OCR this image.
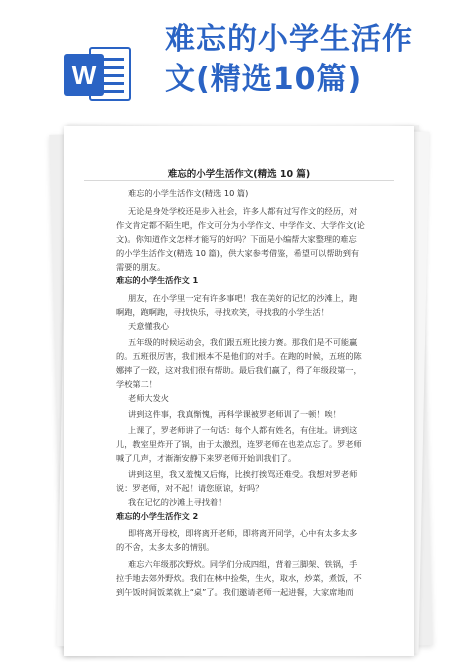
W
难忘的小学生活作
文(精选10篇)
难忘的小学生活作文(精选 10 篇)
难忘的小学生活作文(精选 10 篇)
无论是身处学校还是步入社会，许多人都有过写作文的经历，对
作文肯定都不陌生吧，作文可分为小学作文、中学作文、大学作文(论
文)。你知道作文怎样才能写的好吗？下面是小编帮大家整理的难忘
的小学生活作文(精选 10 篇)，供大家参考借鉴，希望可以帮助到有
需要的朋友。
难忘的小学生活作文 1
朋友，在小学里一定有许多事吧！我在美好的记忆的沙滩上，跑
啊跑，跑啊跑，寻找快乐，寻找欢笑，寻找我的小学生活！
天意懂我心
五年级的时候运动会，我们跟五班比接力赛。那我们是不可能赢
的。五班很厉害，我们根本不是他们的对手。在跑的时候，五班的陈
娜摔了一跤，这对我们很有帮助。最后我们赢了，得了年级段第一，
学校第二！
老师大发火
讲到这件事，我真惭愧，再科学课被罗老师训了一顿！唉！
上课了，罗老师讲了一句话：每个人都有姓名，有住址。讲到这
儿，教室里炸开了锅，由于太激烈，连罗老师在也差点忘了。罗老师
喊了几声，才渐渐安静下来罗老师开始训我们了。
讲到这里，我又羞愧又后悔，比挨打挨骂还难受。我想对罗老师
说：罗老师，对不起！请您原谅，好吗？
我在记忆的沙滩上寻找着！
难忘的小学生活作文 2
即将离开母校，即将离开老师，即将离开同学，心中有太多太多
的不舍，太多太多的情别。
难忘六年级那次野炊。同学们分成四组，背着三脚架、铁锅，手
拉手地去郊外野炊。我们在林中捡柴，生火，取水，炒菜，煮饭，不
到午饭时间饭菜就上“桌”了。我们邀请老师一起进餐，大家席地而
